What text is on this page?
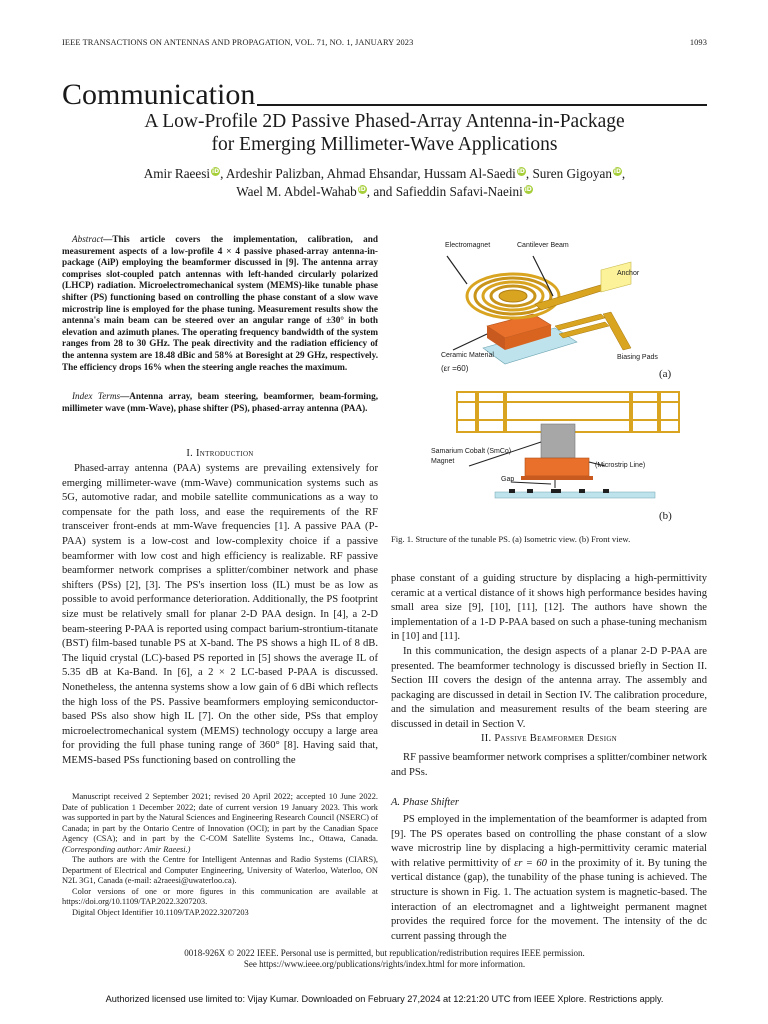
IEEE TRANSACTIONS ON ANTENNAS AND PROPAGATION, VOL. 71, NO. 1, JANUARY 2023	1093
Communication
A Low-Profile 2D Passive Phased-Array Antenna-in-Package
for Emerging Millimeter-Wave Applications
Amir Raeesi iD, Ardeshir Palizban, Ahmad Ehsandar, Hussam Al-Saedi iD, Suren Gigoyan iD,
Wael M. Abdel-Wahab iD, and Safieddin Safavi-Naeini iD

Abstract—This article covers the implementation, calibration, and measurement aspects of a low-profile 4 × 4 passive phased-array antenna-in-package (AiP) employing the beamformer discussed in [9]. The antenna array comprises slot-coupled patch antennas with left-handed circularly polarized (LHCP) radiation. Microelectromechanical system (MEMS)-like tunable phase shifter (PS) functioning based on controlling the phase constant of a slow wave microstrip line is employed for the phase tuning. Measurement results show the antenna's main beam can be steered over an angular range of ±30° in both elevation and azimuth planes. The operating frequency bandwidth of the system ranges from 28 to 30 GHz. The peak directivity and the radiation efficiency of the antenna system are 18.48 dBic and 58% at Boresight at 29 GHz, respectively. The efficiency drops 16% when the steering angle reaches the maximum.

Index Terms—Antenna array, beam steering, beamformer, beam-forming, millimeter wave (mm-Wave), phase shifter (PS), phased-array antenna (PAA).

I. Introduction

Phased-array antenna (PAA) systems are prevailing extensively for emerging millimeter-wave (mm-Wave) communication systems such as 5G, automotive radar, and mobile satellite communications as a way to compensate for the path loss, and ease the requirements of the RF transceiver front-ends at mm-Wave frequencies [1]. A passive PAA (P-PAA) system is a low-cost and low-complexity choice if a passive beamformer with low cost and high efficiency is realizable. RF passive beamformer network comprises a splitter/combiner network and phase shifters (PSs) [2], [3]. The PS's insertion loss (IL) must be as low as possible to avoid performance deterioration. Additionally, the PS footprint size must be relatively small for planar 2-D PAA design. In [4], a 2-D beam-steering P-PAA is reported using compact barium-strontium-titanate (BST) film-based tunable PS at X-band. The PS shows a high IL of 8 dB. The liquid crystal (LC)-based PS reported in [5] shows the average IL of 5.35 dB at Ka-Band. In [6], a 2 × 2 LC-based P-PAA is discussed. Nonetheless, the antenna systems show a low gain of 6 dBi which reflects the high loss of the PS. Passive beamformers employing semiconductor-based PSs also show high IL [7]. On the other side, PSs that employ microelectromechanical system (MEMS) technology occupy a large area for providing the full phase tuning range of 360° [8]. Having said that, MEMS-based PSs functioning based on controlling the

Manuscript received 2 September 2021; revised 20 April 2022; accepted 10 June 2022. Date of publication 1 December 2022; date of current version 19 January 2023. This work was supported in part by the Natural Sciences and Engineering Research Council (NSERC) of Canada; in part by the Ontario Centre of Innovation (OCI); in part by the Canadian Space Agency (CSA); and in part by the C-COM Satellite Systems Inc., Ottawa, Canada. (Corresponding author: Amir Raeesi.)

The authors are with the Centre for Intelligent Antennas and Radio Systems (CIARS), Department of Electrical and Computer Engineering, University of Waterloo, Waterloo, ON N2L 3G1, Canada (e-mail: a2raeesi@uwaterloo.ca).

Color versions of one or more figures in this communication are available at https://doi.org/10.1109/TAP.2022.3207203.

Digital Object Identifier 10.1109/TAP.2022.3207203

Electromagnet	Cantilever Beam
Anchor
Ceramic Material
(εr =60)
Biasing Pads
(a)
Samarium Cobalt (SmCo)
Magnet
(Microstrip Line)
Gap
(b)
Fig. 1. Structure of the tunable PS. (a) Isometric view. (b) Front view.

phase constant of a guiding structure by displacing a high-permittivity ceramic at a vertical distance of it shows high performance besides having small area size [9], [10], [11], [12]. The authors have shown the implementation of a 1-D P-PAA based on such a phase-tuning mechanism in [10] and [11].

In this communication, the design aspects of a planar 2-D P-PAA are presented. The beamformer technology is discussed briefly in Section II. Section III covers the design of the antenna array. The assembly and packaging are discussed in detail in Section IV. The calibration procedure, and the simulation and measurement results of the beam steering are discussed in detail in Section V.

II. Passive Beamformer Design

RF passive beamformer network comprises a splitter/combiner network and PSs.

A. Phase Shifter

PS employed in the implementation of the beamformer is adapted from [9]. The PS operates based on controlling the phase constant of a slow wave microstrip line by displacing a high-permittivity ceramic material with relative permittivity of εr = 60 in the proximity of it. By tuning the vertical distance (gap), the tunability of the phase tuning is achieved. The structure is shown in Fig. 1. The actuation system is magnetic-based. The interaction of an electromagnet and a lightweight permanent magnet provides the required force for the movement. The intensity of the dc current passing through the

0018-926X © 2022 IEEE. Personal use is permitted, but republication/redistribution requires IEEE permission.
See https://www.ieee.org/publications/rights/index.html for more information.
Authorized licensed use limited to: Vijay Kumar. Downloaded on February 27,2024 at 12:21:20 UTC from IEEE Xplore. Restrictions apply.
